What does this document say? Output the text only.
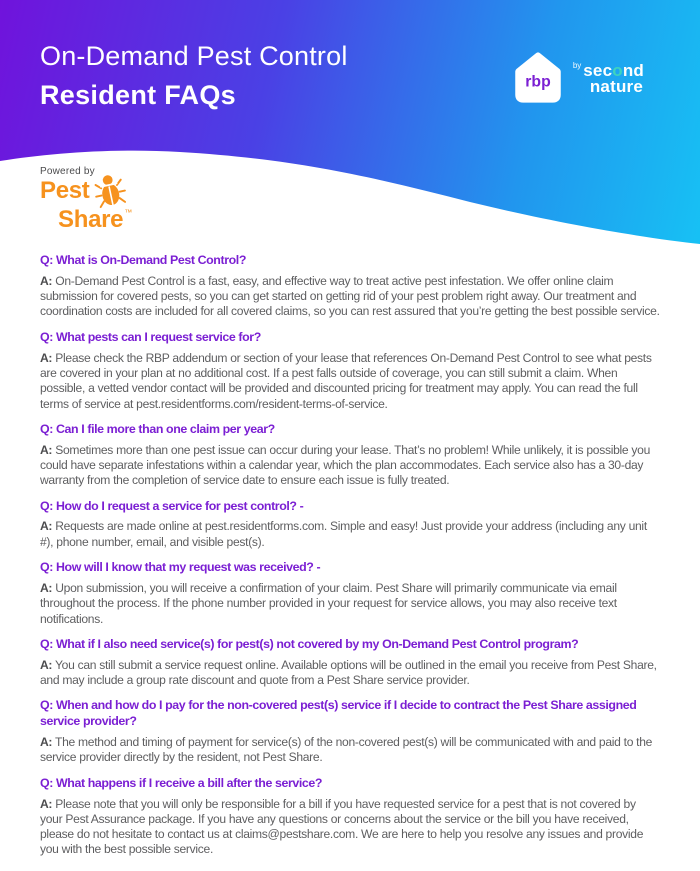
On-Demand Pest Control
Resident FAQs	rbp
$^{by}$ second
nature
Powered by
Pest
Share™
Q: What is On-Demand Pest Control?

A: On-Demand Pest Control is a fast, easy, and effective way to treat active pest infestation. We offer online claim submission for covered pests, so you can get started on getting rid of your pest problem right away. Our treatment and coordination costs are included for all covered claims, so you can rest assured that you’re getting the best possible service.

Q: What pests can I request service for?

A: Please check the RBP addendum or section of your lease that references On-Demand Pest Control to see what pests are covered in your plan at no additional cost. If a pest falls outside of coverage, you can still submit a claim. When possible, a vetted vendor contact will be provided and discounted pricing for treatment may apply. You can read the full terms of service at pest.residentforms.com/resident-terms-of-service.

Q: Can I file more than one claim per year?

A: Sometimes more than one pest issue can occur during your lease. That’s no problem! While unlikely, it is possible you could have separate infestations within a calendar year, which the plan accommodates. Each service also has a 30-day warranty from the completion of service date to ensure each issue is fully treated.

Q: How do I request a service for pest control? -

A: Requests are made online at pest.residentforms.com. Simple and easy! Just provide your address (including any unit #), phone number, email, and visible pest(s).

Q: How will I know that my request was received? -

A: Upon submission, you will receive a confirmation of your claim. Pest Share will primarily communicate via email throughout the process. If the phone number provided in your request for service allows, you may also receive text notifications.

Q: What if I also need service(s) for pest(s) not covered by my On-Demand Pest Control program?

A: You can still submit a service request online. Available options will be outlined in the email you receive from Pest Share, and may include a group rate discount and quote from a Pest Share service provider.

Q: When and how do I pay for the non-covered pest(s) service if I decide to contract the Pest Share assigned service provider?

A: The method and timing of payment for service(s) of the non-covered pest(s) will be communicated with and paid to the service provider directly by the resident, not Pest Share.

Q: What happens if I receive a bill after the service?

A: Please note that you will only be responsible for a bill if you have requested service for a pest that is not covered by your Pest Assurance package. If you have any questions or concerns about the service or the bill you have received, please do not hesitate to contact us at claims@pestshare.com. We are here to help you resolve any issues and provide you with the best possible service.
